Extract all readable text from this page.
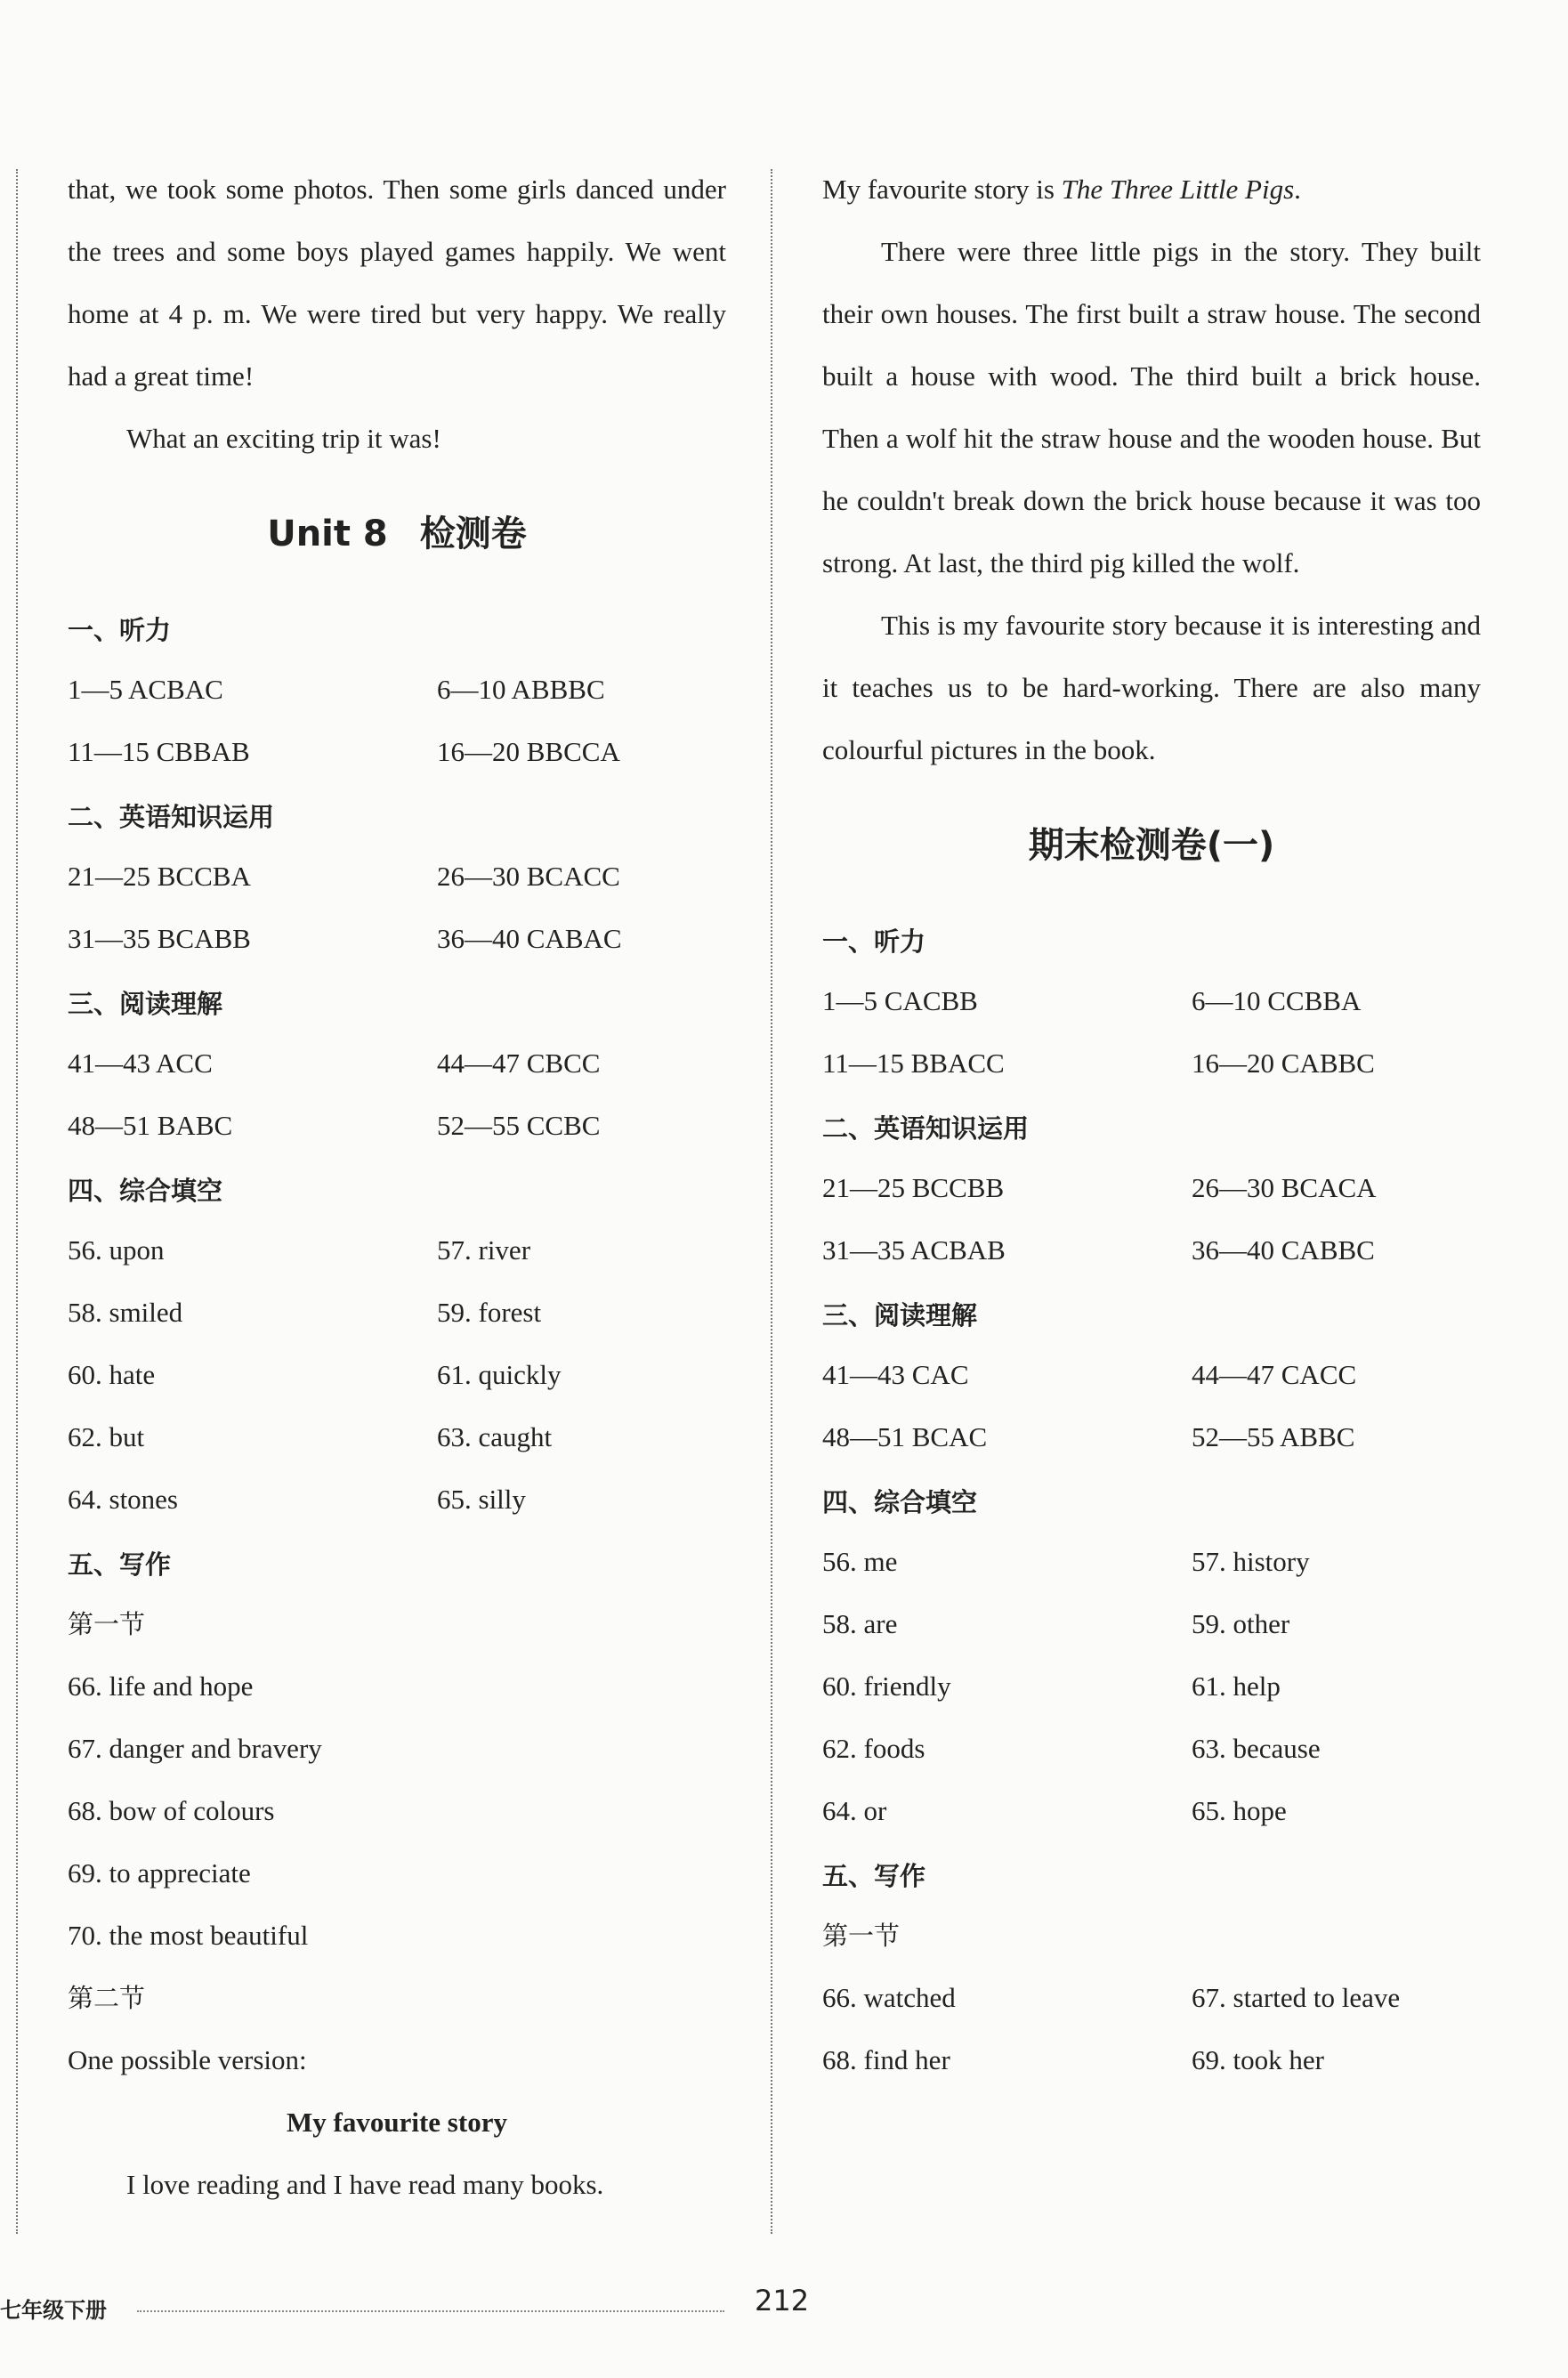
that, we took some photos. Then some girls danced under the trees and some boys played games happily. We went home at 4 p. m. We were tired but very happy. We really had a great time!

What an exciting trip it was!

Unit 8 检测卷
一、听力
1—5 ACBAC	6—10 ABBBC
11—15 CBBAB	16—20 BBCCA
二、英语知识运用
21—25 BCCBA	26—30 BCACC
31—35 BCABB	36—40 CABAC
三、阅读理解
41—43 ACC	44—47 CBCC
48—51 BABC	52—55 CCBC
四、综合填空
56. upon	57. river
58. smiled	59. forest
60. hate	61. quickly
62. but	63. caught
64. stones	65. silly
五、写作
第一节
66. life and hope
67. danger and bravery
68. bow of colours
69. to appreciate
70. the most beautiful
第二节

One possible version:

My favourite story

I love reading and I have read many books.

My favourite story is The Three Little Pigs.

There were three little pigs in the story. They built their own houses. The first built a straw house. The second built a house with wood. The third built a brick house. Then a wolf hit the straw house and the wooden house. But he couldn't break down the brick house because it was too strong. At last, the third pig killed the wolf.

This is my favourite story because it is interesting and it teaches us to be hard-working. There are also many colourful pictures in the book.

期末检测卷(一)
一、听力
1—5 CACBB	6—10 CCBBA
11—15 BBACC	16—20 CABBC
二、英语知识运用
21—25 BCCBB	26—30 BCACA
31—35 ACBAB	36—40 CABBC
三、阅读理解
41—43 CAC	44—47 CACC
48—51 BCAC	52—55 ABBC
四、综合填空
56. me	57. history
58. are	59. other
60. friendly	61. help
62. foods	63. because
64. or	65. hope
五、写作
第一节
66. watched	67. started to leave
68. find her	69. took her
七年级下册	212
